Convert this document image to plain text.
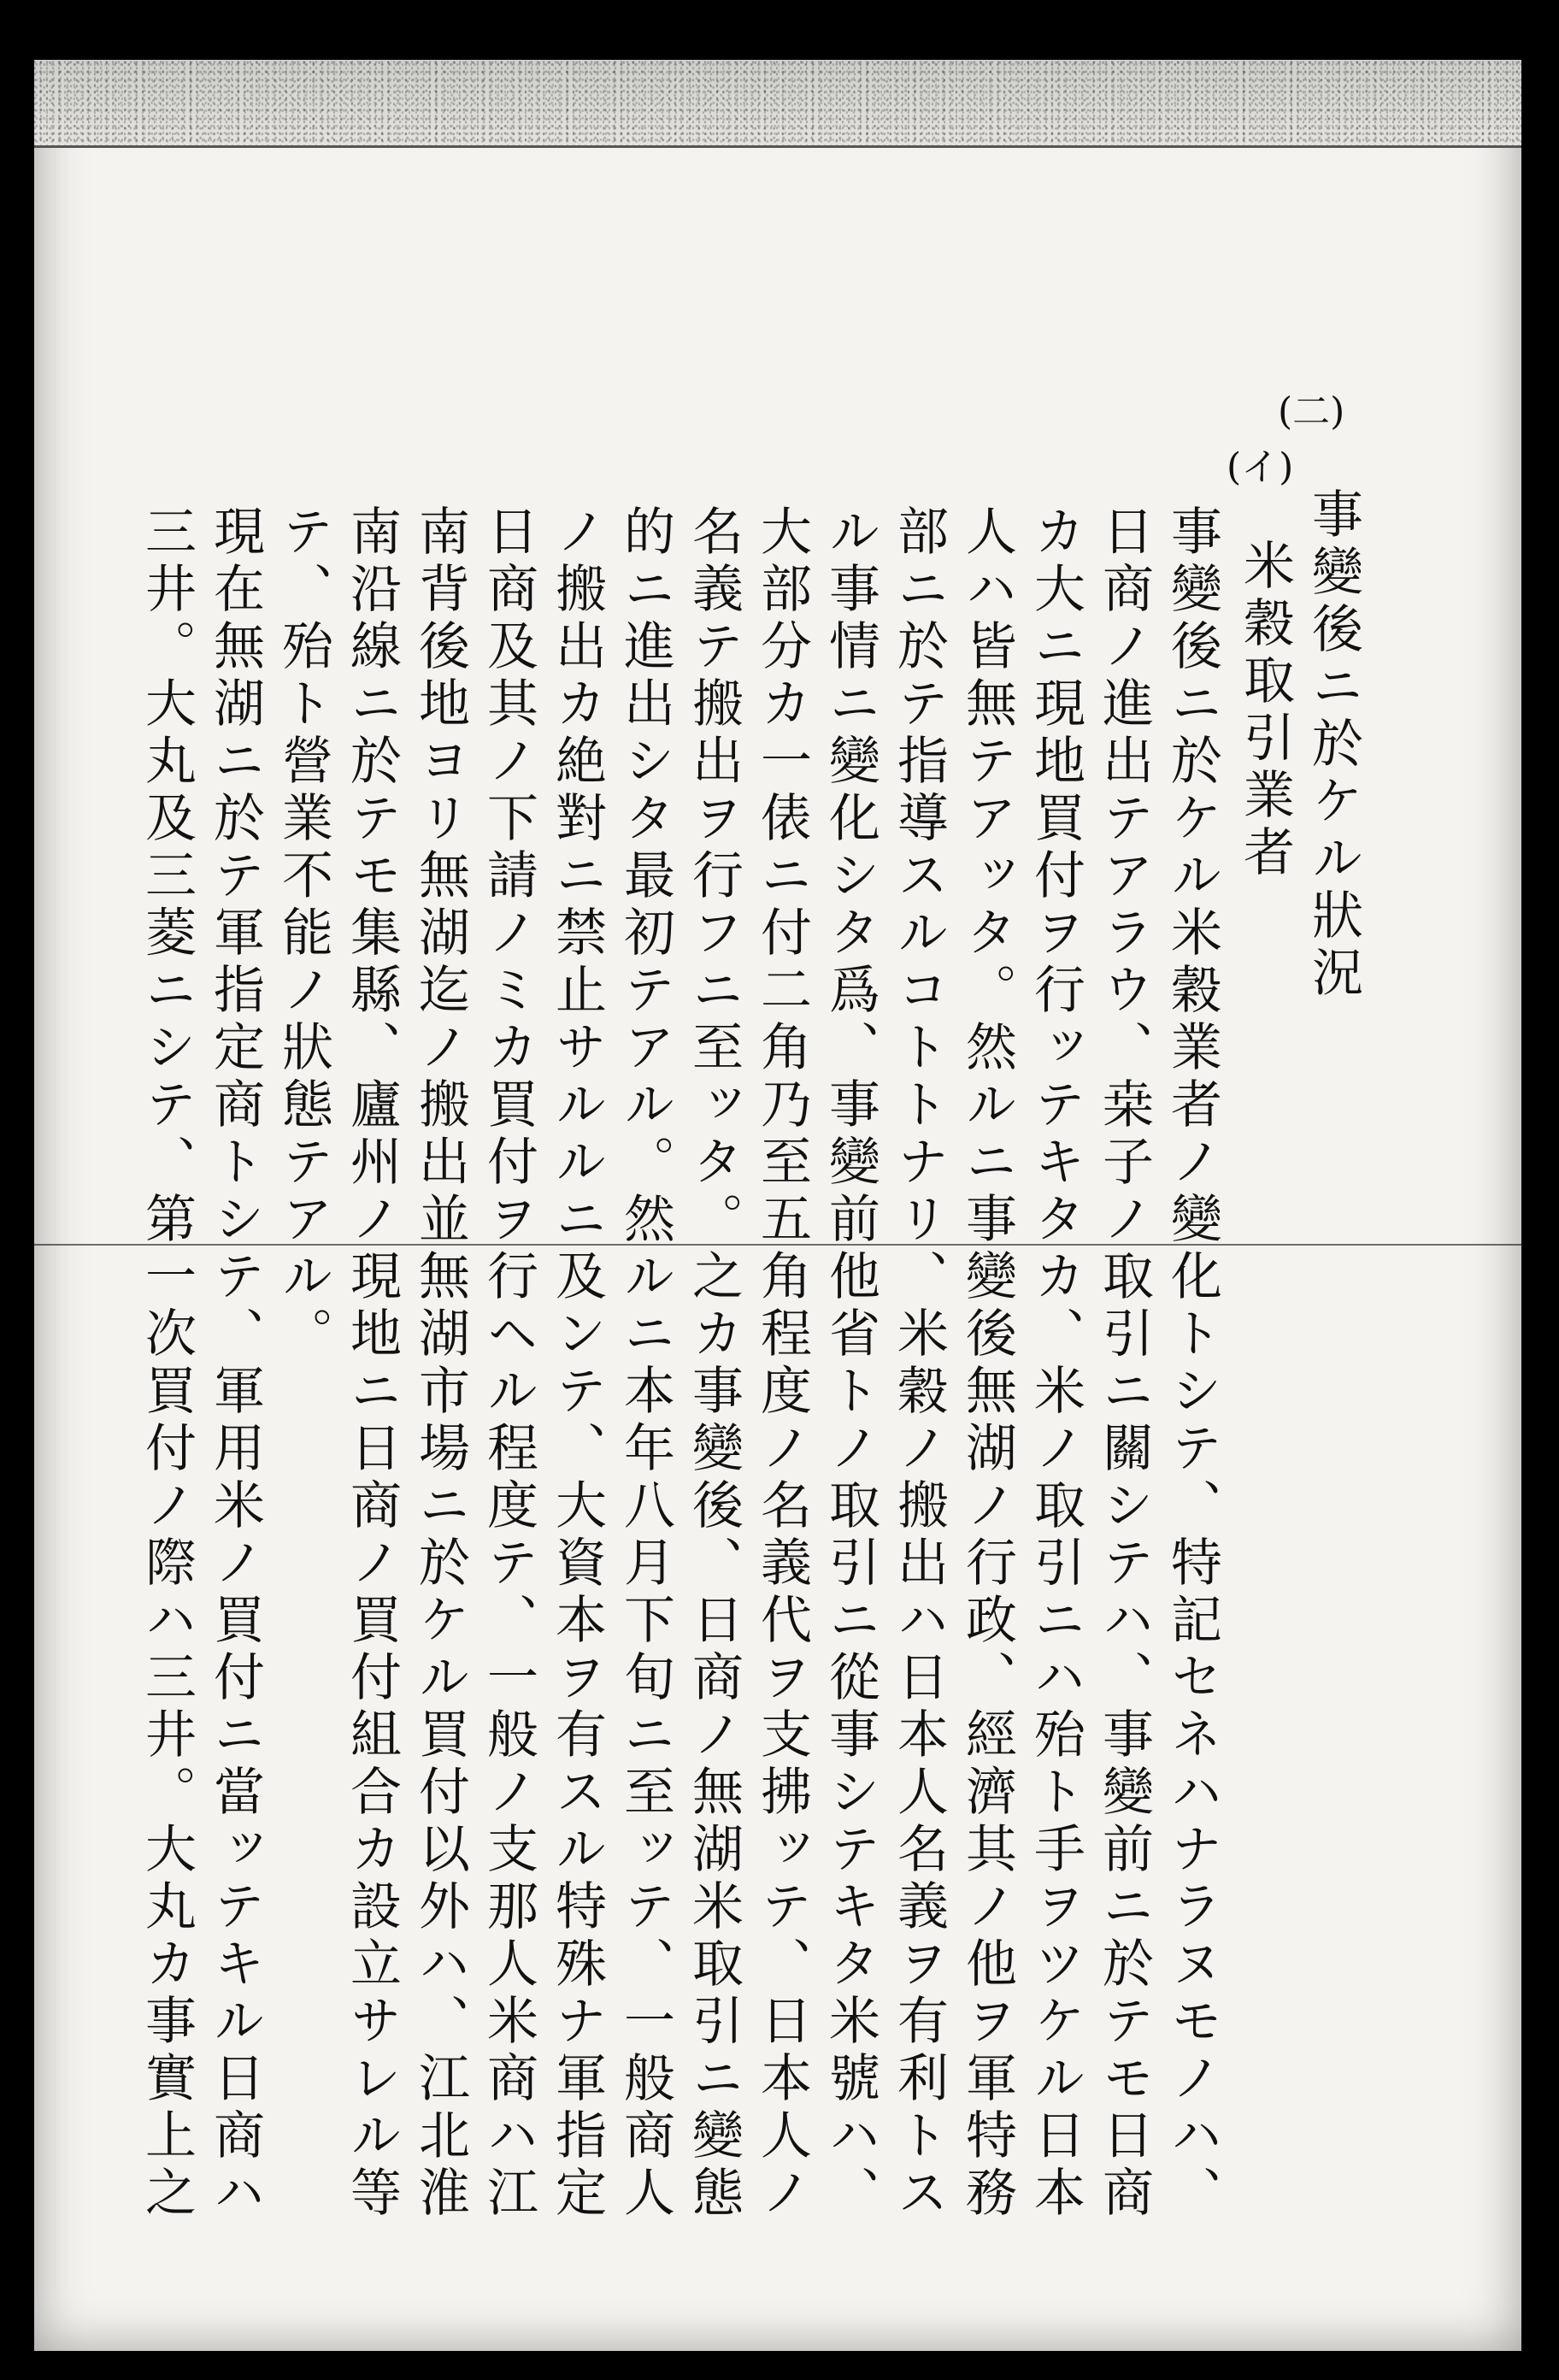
(二)
事變後ニ於ケル狀況
(イ)
米穀取引業者
事變後ニ於ケル米穀業者ノ變化トシテ、特記セネハナラヌモノハ、
日商ノ進出テアラウ、桒子ノ取引ニ關シテハ、事變前ニ於テモ日商
カ大ニ現地買付ヲ行ッテキタカ、米ノ取引ニハ殆ト手ヲツケル日本
人ハ皆無テアッタ。然ルニ事變後無湖ノ行政、經濟其ノ他ヲ軍特務
部ニ於テ指導スルコトトナリ、米穀ノ搬出ハ日本人名義ヲ有利トス
ル事情ニ變化シタ爲、事變前他省トノ取引ニ從事シテキタ米號ハ、
大部分カ一俵ニ付二角乃至五角程度ノ名義代ヲ支拂ッテ、日本人ノ
名義テ搬出ヲ行フニ至ッタ。之カ事變後、日商ノ無湖米取引ニ變態
的ニ進出シタ最初テアル。然ルニ本年八月下旬ニ至ッテ、一般商人
ノ搬出カ絶對ニ禁止サルルニ及ンテ、大資本ヲ有スル特殊ナ軍指定
日商及其ノ下請ノミカ買付ヲ行ヘル程度テ、一般ノ支那人米商ハ江
南背後地ヨリ無湖迄ノ搬出並無湖市場ニ於ケル買付以外ハ、江北淮
南沿線ニ於テモ集縣、廬州ノ現地ニ日商ノ買付組合カ設立サレル等
テ、殆ト營業不能ノ狀態テアル。
現在無湖ニ於テ軍指定商トシテ、軍用米ノ買付ニ當ッテキル日商ハ
三井。大丸及三菱ニシテ、第一次買付ノ際ハ三井。大丸カ事實上之
